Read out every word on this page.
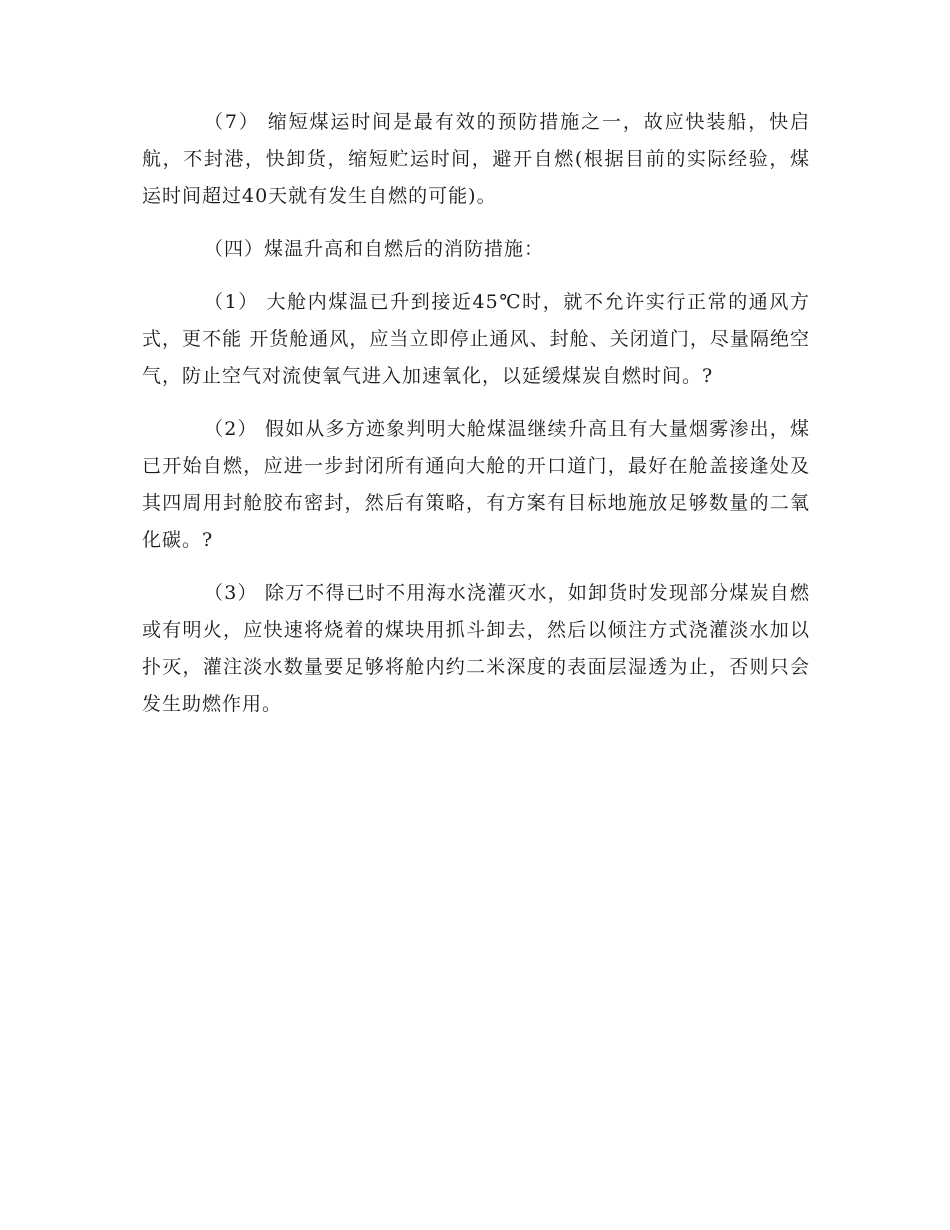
（7） 缩短煤运时间是最有效的预防措施之一，故应快装船，快启航，不封港，快卸货，缩短贮运时间，避开自燃(根据目前的实际经验，煤运时间超过40天就有发生自燃的可能)。

（四）煤温升高和自燃后的消防措施：

（1） 大舱内煤温已升到接近45℃时，就不允许实行正常的通风方式，更不能 开货舱通风，应当立即停止通风、封舱、关闭道门，尽量隔绝空气，防止空气对流使氧气进入加速氧化，以延缓煤炭自燃时间。?

（2） 假如从多方迹象判明大舱煤温继续升高且有大量烟雾渗出，煤已开始自燃，应进一步封闭所有通向大舱的开口道门，最好在舱盖接逢处及其四周用封舱胶布密封，然后有策略，有方案有目标地施放足够数量的二氧化碳。?

（3） 除万不得已时不用海水浇灌灭水，如卸货时发现部分煤炭自燃或有明火，应快速将烧着的煤块用抓斗卸去，然后以倾注方式浇灌淡水加以扑灭，灌注淡水数量要足够将舱内约二米深度的表面层湿透为止，否则只会发生助燃作用。
